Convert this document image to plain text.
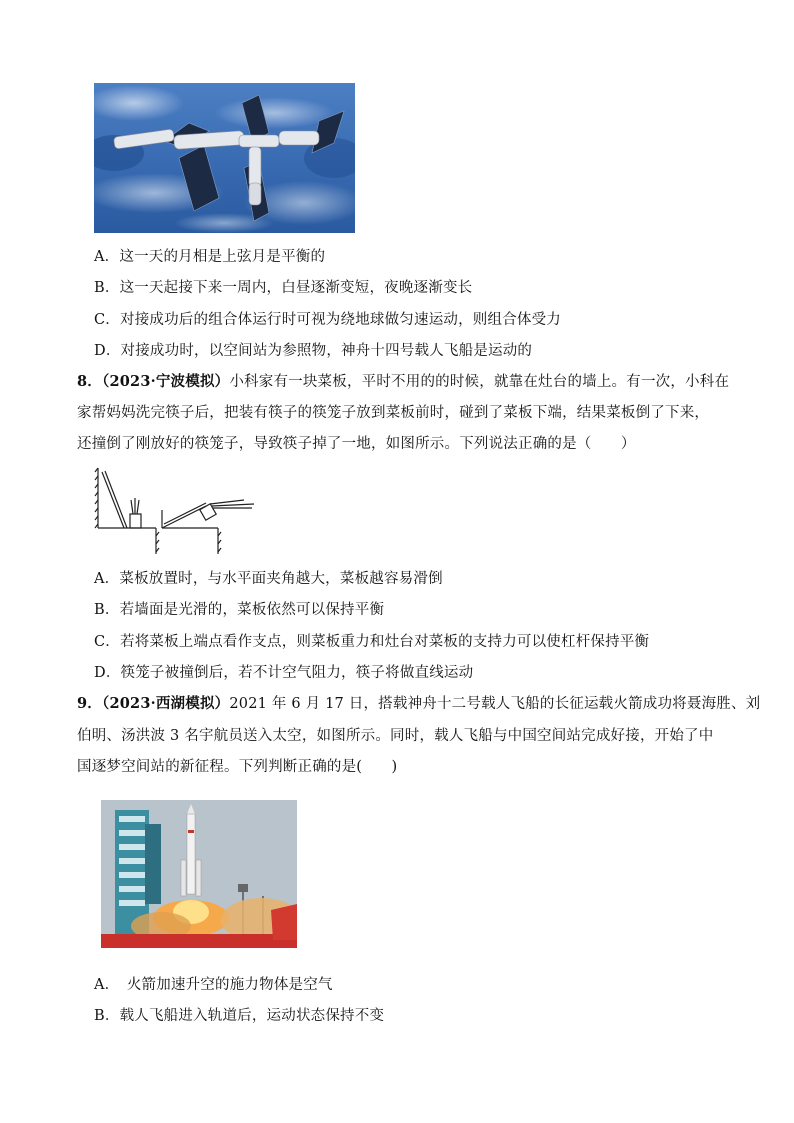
A．这一天的月相是上弦月是平衡的
B．这一天起接下来一周内，白昼逐渐变短，夜晚逐渐变长
C．对接成功后的组合体运行时可视为绕地球做匀速运动，则组合体受力
D．对接成功时，以空间站为参照物，神舟十四号载人飞船是运动的
8．（2023·宁波模拟）小科家有一块菜板，平时不用的的时候，就靠在灶台的墙上。有一次，小科在
家帮妈妈洗完筷子后，把装有筷子的筷笼子放到菜板前时，碰到了菜板下端，结果菜板倒了下来，
还撞倒了刚放好的筷笼子，导致筷子掉了一地，如图所示。下列说法正确的是（　　）
A．菜板放置时，与水平面夹角越大，菜板越容易滑倒
B．若墙面是光滑的，菜板依然可以保持平衡
C．若将菜板上端点看作支点，则菜板重力和灶台对菜板的支持力可以使杠杆保持平衡
D．筷笼子被撞倒后，若不计空气阻力，筷子将做直线运动
9．（2023·西湖模拟）2021 年 6 月 17 日，搭载神舟十二号载人飞船的长征运载火箭成功将聂海胜、刘
伯明、汤洪波 3 名宇航员送入太空，如图所示。同时，载人飞船与中国空间站完成好接，开始了中
国逐梦空间站的新征程。下列判断正确的是(　　)
A．　火箭加速升空的施力物体是空气
B．载人飞船进入轨道后，运动状态保持不变
